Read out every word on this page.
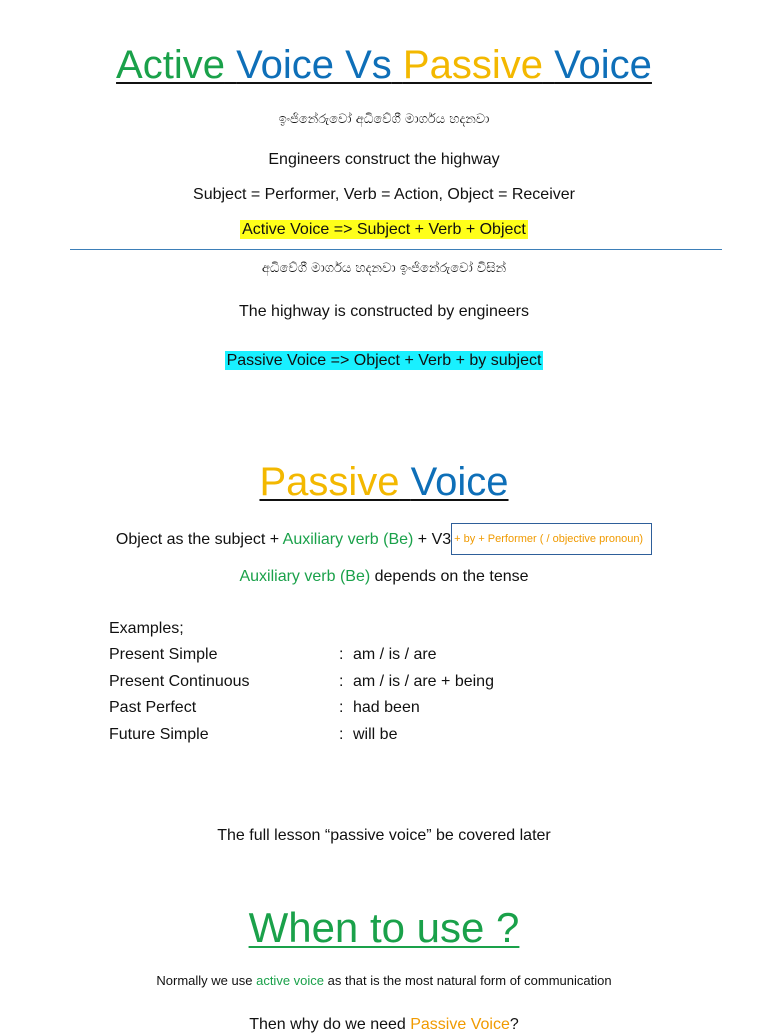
Active Voice Vs Passive Voice
ඉංජිනේරුවෝ අධිවේගී මාර්ගය හදනවා
Engineers construct the highway
Subject = Performer, Verb = Action, Object = Receiver
Active Voice => Subject + Verb + Object
අධිවේගී මාර්ගය හදනවා ඉංජිනේරුවෝ විසින්
The highway is constructed by engineers
Passive Voice => Object + Verb + by subject
Passive Voice
Object as the subject + Auxiliary verb (Be) + V3 + by + Performer ( / objective pronoun)
Auxiliary verb (Be) depends on the tense
Examples;
Present Simple	: am / is / are
Present Continuous	: am / is / are + being
Past Perfect	: had been
Future Simple	: will be
The full lesson “passive voice” be covered later
When to use ?
Normally we use active voice as that is the most natural form of communication
Then why do we need Passive Voice?
